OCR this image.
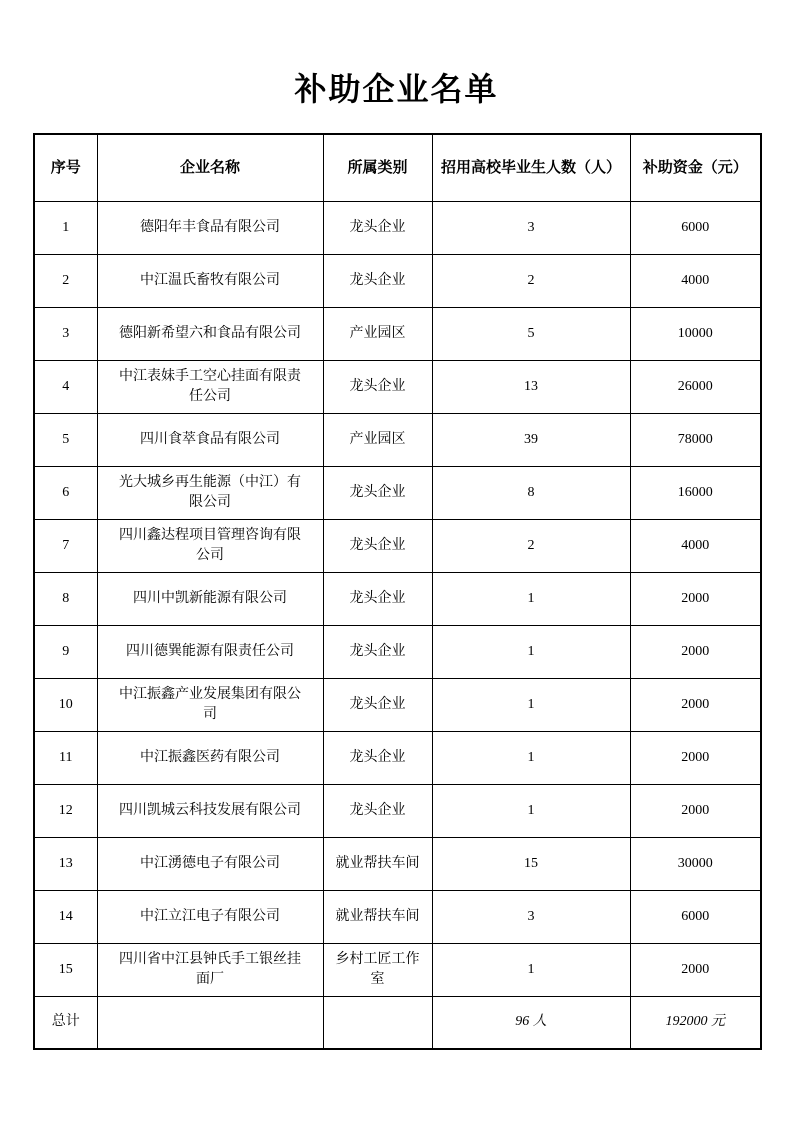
补助企业名单
序号	企业名称	所属类别	招用高校毕业生人数（人）	补助资金（元）
1	德阳年丰食品有限公司	龙头企业	3	6000
2	中江温氏畜牧有限公司	龙头企业	2	4000
3	德阳新希望六和食品有限公司	产业园区	5	10000
4	中江表妹手工空心挂面有限责任公司	龙头企业	13	26000
5	四川食萃食品有限公司	产业园区	39	78000
6	光大城乡再生能源（中江）有限公司	龙头企业	8	16000
7	四川鑫达程项目管理咨询有限公司	龙头企业	2	4000
8	四川中凯新能源有限公司	龙头企业	1	2000
9	四川德巽能源有限责任公司	龙头企业	1	2000
10	中江振鑫产业发展集团有限公司	龙头企业	1	2000
11	中江振鑫医药有限公司	龙头企业	1	2000
12	四川凯城云科技发展有限公司	龙头企业	1	2000
13	中江湧德电子有限公司	就业帮扶车间	15	30000
14	中江立江电子有限公司	就业帮扶车间	3	6000
15	四川省中江县钟氏手工银丝挂面厂	乡村工匠工作室	1	2000
总计			96 人	192000 元
